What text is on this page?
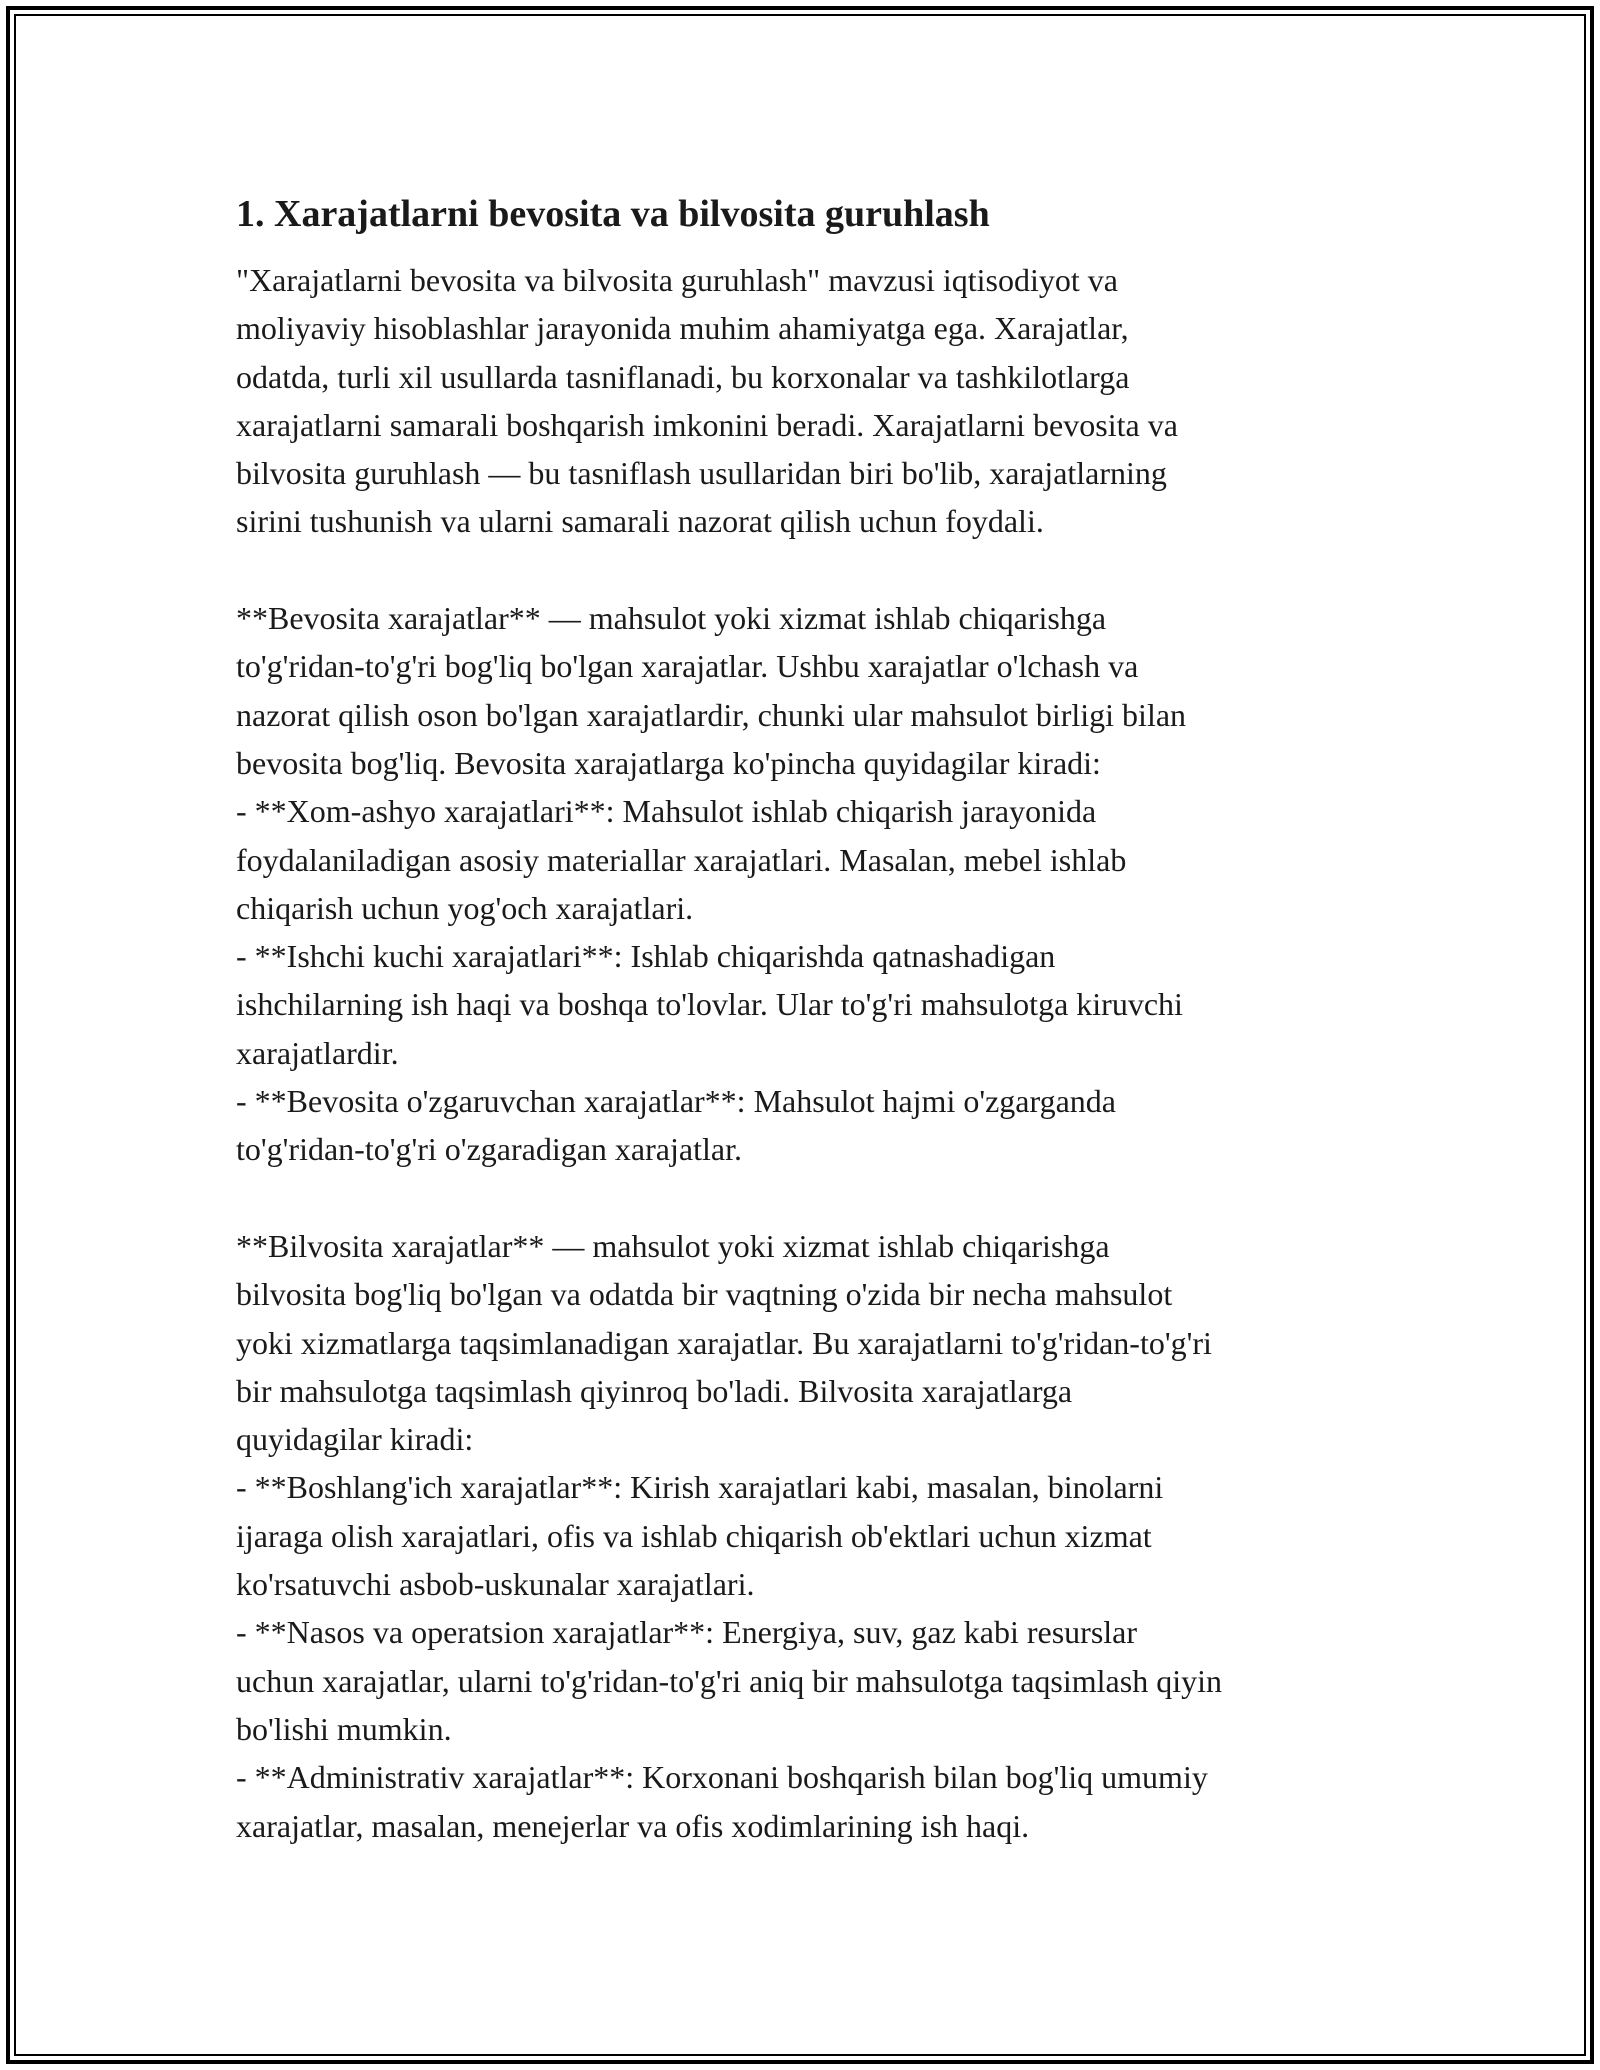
1. Xarajatlarni bevosita va bilvosita guruhlash
"Xarajatlarni bevosita va bilvosita guruhlash" mavzusi iqtisodiyot va
moliyaviy hisoblashlar jarayonida muhim ahamiyatga ega. Xarajatlar,
odatda, turli xil usullarda tasniflanadi, bu korxonalar va tashkilotlarga
xarajatlarni samarali boshqarish imkonini beradi. Xarajatlarni bevosita va
bilvosita guruhlash — bu tasniflash usullaridan biri bo'lib, xarajatlarning
sirini tushunish va ularni samarali nazorat qilish uchun foydali.
**Bevosita xarajatlar** — mahsulot yoki xizmat ishlab chiqarishga
to'g'ridan-to'g'ri bog'liq bo'lgan xarajatlar. Ushbu xarajatlar o'lchash va
nazorat qilish oson bo'lgan xarajatlardir, chunki ular mahsulot birligi bilan
bevosita bog'liq. Bevosita xarajatlarga ko'pincha quyidagilar kiradi:
- **Xom-ashyo xarajatlari**: Mahsulot ishlab chiqarish jarayonida
foydalaniladigan asosiy materiallar xarajatlari. Masalan, mebel ishlab
chiqarish uchun yog'och xarajatlari.
- **Ishchi kuchi xarajatlari**: Ishlab chiqarishda qatnashadigan
ishchilarning ish haqi va boshqa to'lovlar. Ular to'g'ri mahsulotga kiruvchi
xarajatlardir.
- **Bevosita o'zgaruvchan xarajatlar**: Mahsulot hajmi o'zgarganda
to'g'ridan-to'g'ri o'zgaradigan xarajatlar.
**Bilvosita xarajatlar** — mahsulot yoki xizmat ishlab chiqarishga
bilvosita bog'liq bo'lgan va odatda bir vaqtning o'zida bir necha mahsulot
yoki xizmatlarga taqsimlanadigan xarajatlar. Bu xarajatlarni to'g'ridan-to'g'ri
bir mahsulotga taqsimlash qiyinroq bo'ladi. Bilvosita xarajatlarga
quyidagilar kiradi:
- **Boshlang'ich xarajatlar**: Kirish xarajatlari kabi, masalan, binolarni
ijaraga olish xarajatlari, ofis va ishlab chiqarish ob'ektlari uchun xizmat
ko'rsatuvchi asbob-uskunalar xarajatlari.
- **Nasos va operatsion xarajatlar**: Energiya, suv, gaz kabi resurslar
uchun xarajatlar, ularni to'g'ridan-to'g'ri aniq bir mahsulotga taqsimlash qiyin
bo'lishi mumkin.
- **Administrativ xarajatlar**: Korxonani boshqarish bilan bog'liq umumiy
xarajatlar, masalan, menejerlar va ofis xodimlarining ish haqi.
